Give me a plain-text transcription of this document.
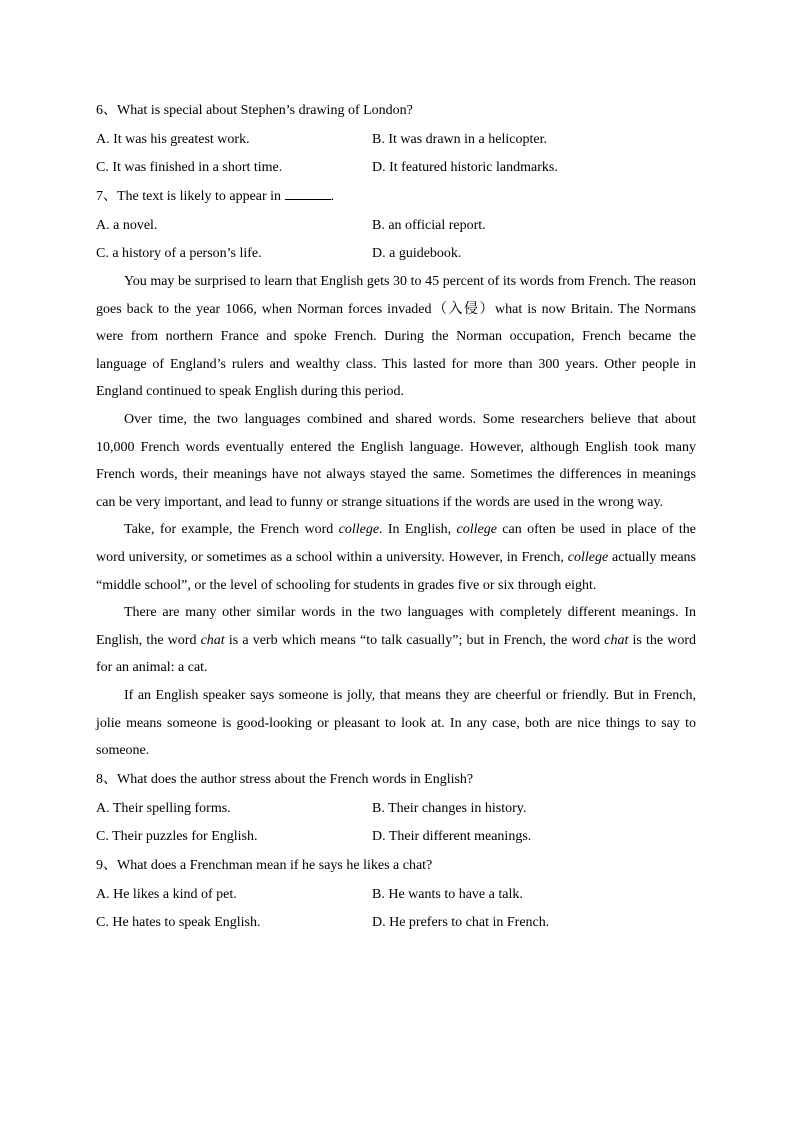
6、What is special about Stephen’s drawing of London?
A. It was his greatest work.	B. It was drawn in a helicopter.
C. It was finished in a short time.	D. It featured historic landmarks.
7、The text is likely to appear in	.
A. a novel.	B. an official report.
C. a history of a person’s life.	D. a guidebook.

You may be surprised to learn that English gets 30 to 45 percent of its words from French. The reason goes back to the year 1066, when Norman forces invaded（入侵）what is now Britain. The Normans were from northern France and spoke French. During the Norman occupation, French became the language of England’s rulers and wealthy class. This lasted for more than 300 years. Other people in England continued to speak English during this period.

Over time, the two languages combined and shared words. Some researchers believe that about 10,000 French words eventually entered the English language. However, although English took many French words, their meanings have not always stayed the same. Sometimes the differences in meanings can be very important, and lead to funny or strange situations if the words are used in the wrong way.

Take, for example, the French word college. In English, college can often be used in place of the word university, or sometimes as a school within a university. However, in French, college actually means “middle school”, or the level of schooling for students in grades five or six through eight.

There are many other similar words in the two languages with completely different meanings. In English, the word chat is a verb which means “to talk casually”; but in French, the word chat is the word for an animal: a cat.

If an English speaker says someone is jolly, that means they are cheerful or friendly. But in French, jolie means someone is good-looking or pleasant to look at. In any case, both are nice things to say to someone.

8、What does the author stress about the French words in English?
A. Their spelling forms.	B. Their changes in history.
C. Their puzzles for English.	D. Their different meanings.
9、What does a Frenchman mean if he says he likes a chat?
A. He likes a kind of pet.	B. He wants to have a talk.
C. He hates to speak English.	D. He prefers to chat in French.
